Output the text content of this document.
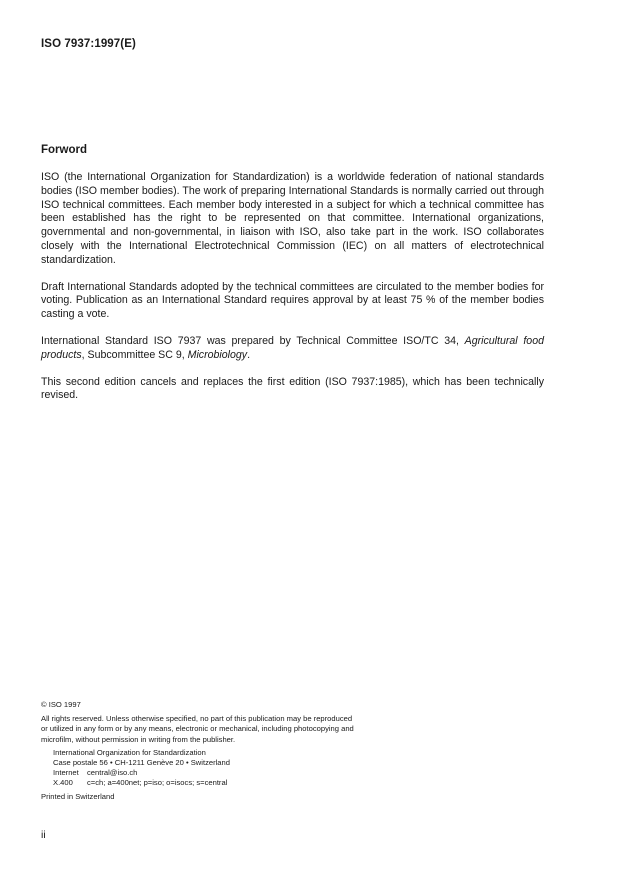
ISO 7937:1997(E)
Forword

ISO (the International Organization for Standardization) is a worldwide federation of national standards bodies (ISO member bodies). The work of preparing International Standards is normally carried out through ISO technical committees. Each member body interested in a subject for which a technical committee has been established has the right to be represented on that committee. International organizations, governmental and non-governmental, in liaison with ISO, also take part in the work. ISO collaborates closely with the International Electrotechnical Commission (IEC) on all matters of electrotechnical standardization.

Draft International Standards adopted by the technical committees are circulated to the member bodies for voting. Publication as an International Standard requires approval by at least 75 % of the member bodies casting a vote.

International Standard ISO 7937 was prepared by Technical Committee ISO/TC 34, Agricultural food products, Subcommittee SC 9, Microbiology.

This second edition cancels and replaces the first edition (ISO 7937:1985), which has been technically revised.

© ISO 1997

All rights reserved. Unless otherwise specified, no part of this publication may be reproduced

or utilized in any form or by any means, electronic or mechanical, including photocopying and

microfilm, without permission in writing from the publisher.

International Organization for Standardization
Case postale 56 • CH-1211 Genève 20 • Switzerland
Internet central@iso.ch
X.400 c=ch; a=400net; p=iso; o=isocs; s=central
Printed in Switzerland
ii
